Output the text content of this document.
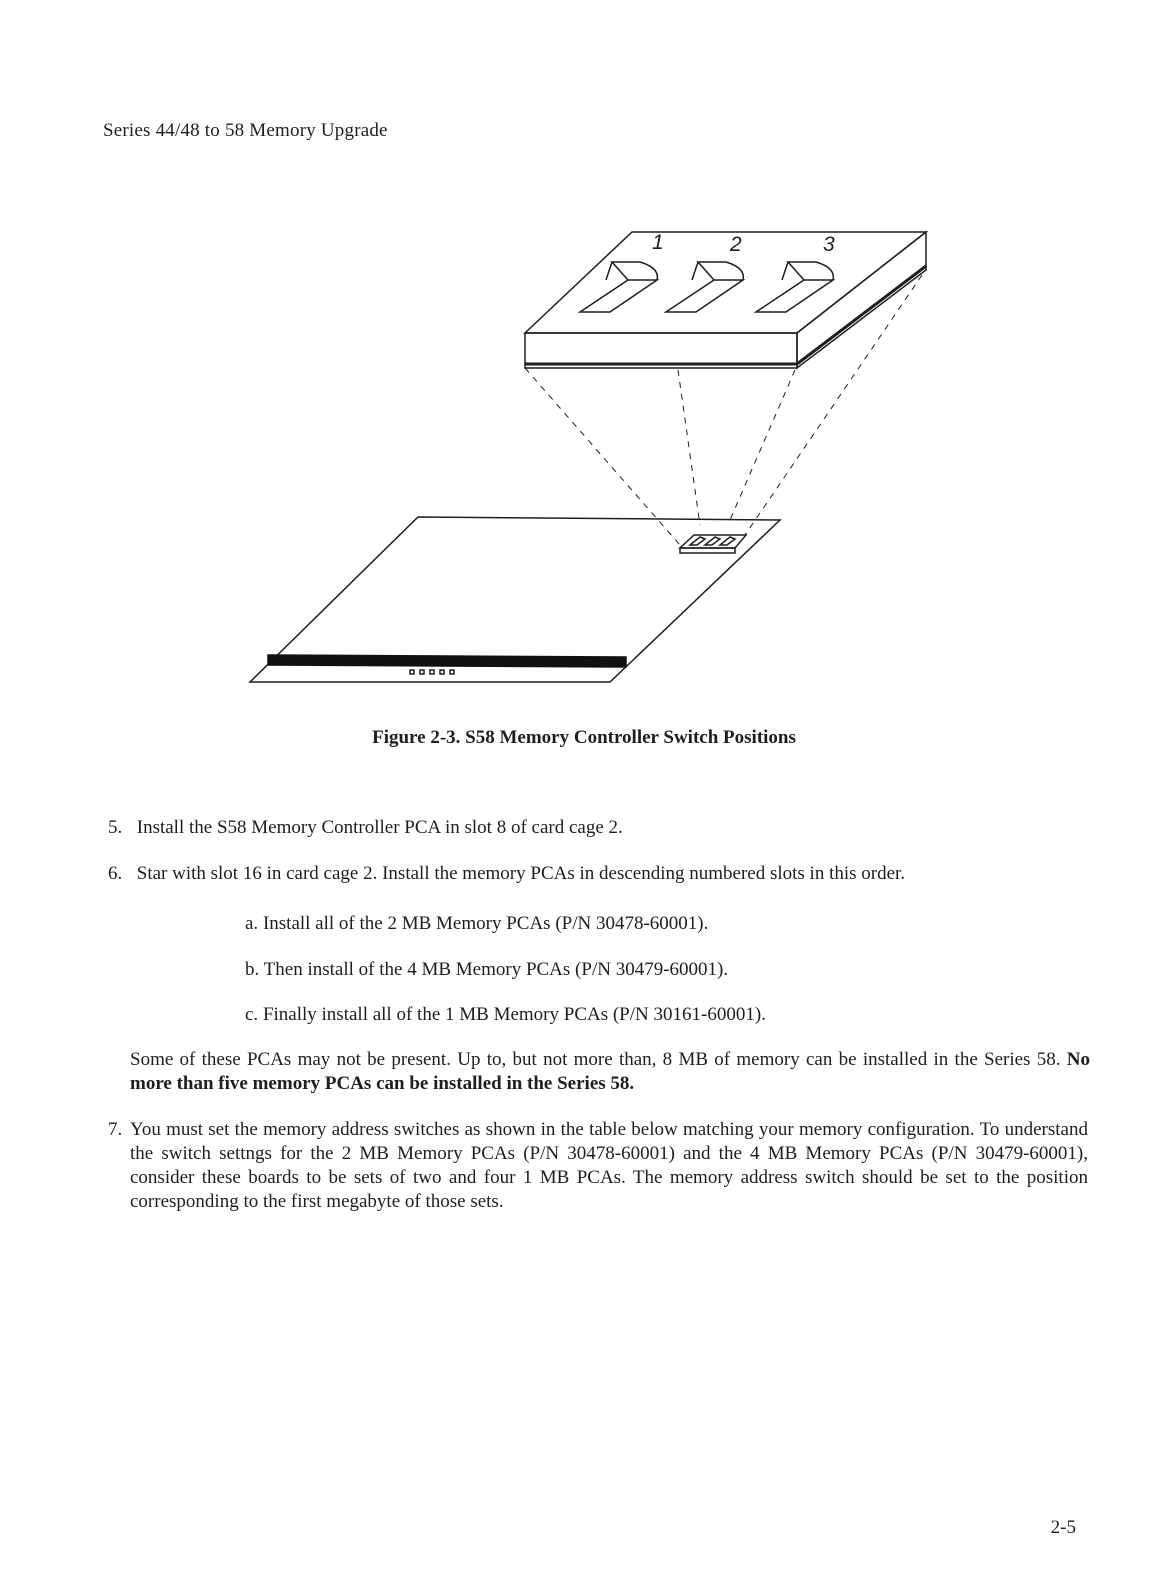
Series 44/48 to 58 Memory Upgrade
1	2	3
Figure 2-3. S58 Memory Controller Switch Positions
5. Install the S58 Memory Controller PCA in slot 8 of card cage 2.
6. Star with slot 16 in card cage 2. Install the memory PCAs in descending numbered slots in this order.
a. Install all of the 2 MB Memory PCAs (P/N 30478-60001).
b. Then install of the 4 MB Memory PCAs (P/N 30479-60001).
c. Finally install all of the 1 MB Memory PCAs (P/N 30161-60001).
Some of these PCAs may not be present. Up to, but not more than, 8 MB of memory can be installed in the Series 58. No more than five memory PCAs can be installed in the Series 58.
7. You must set the memory address switches as shown in the table below matching your memory configuration. To understand the switch settngs for the 2 MB Memory PCAs (P/N 30478-60001) and the 4 MB Memory PCAs (P/N 30479-60001), consider these boards to be sets of two and four 1 MB PCAs. The memory address switch should be set to the position corresponding to the first megabyte of those sets.
2-5
